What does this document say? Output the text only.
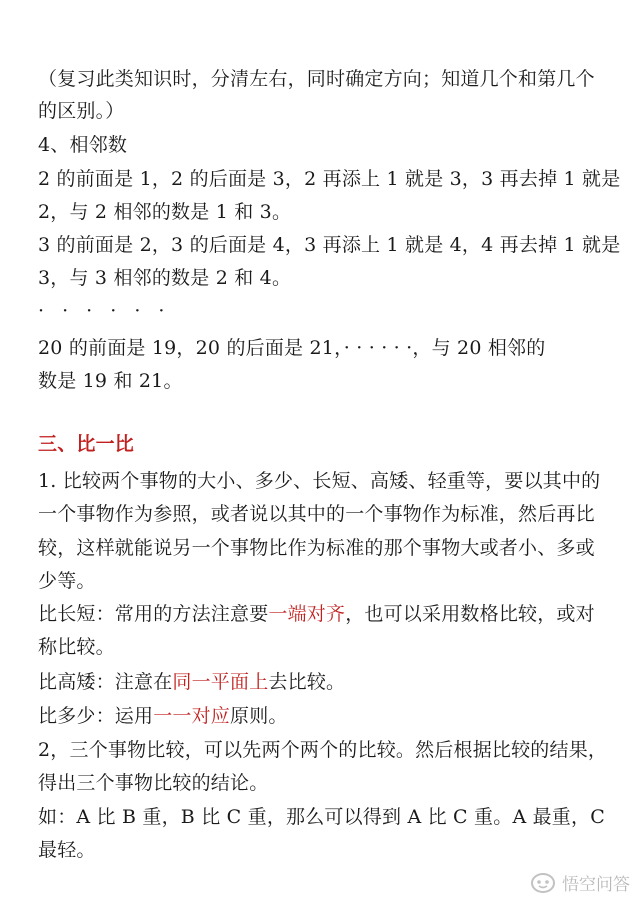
（复习此类知识时，分清左右，同时确定方向；知道几个和第几个
的区别。）
4、相邻数
2 的前面是 1，2 的后面是 3，2 再添上 1 就是 3，3 再去掉 1 就是
2，与 2 相邻的数是 1 和 3。
3 的前面是 2，3 的后面是 4，3 再添上 1 就是 4，4 再去掉 1 就是
3，与 3 相邻的数是 2 和 4。
· · · · · ·
20 的前面是 19，20 的后面是 21，· · · · · ·，与 20 相邻的
数是 19 和 21。
三、比一比
1. 比较两个事物的大小、多少、长短、高矮、轻重等，要以其中的
一个事物作为参照，或者说以其中的一个事物作为标准，然后再比
较，这样就能说另一个事物比作为标准的那个事物大或者小、多或
少等。
比长短：常用的方法注意要一端对齐，也可以采用数格比较，或对
称比较。
比高矮：注意在同一平面上去比较。
比多少：运用一一对应原则。
2，三个事物比较，可以先两个两个的比较。然后根据比较的结果，
得出三个事物比较的结论。
如：A 比 B 重，B 比 C 重，那么可以得到 A 比 C 重。A 最重，C
最轻。
悟空问答
